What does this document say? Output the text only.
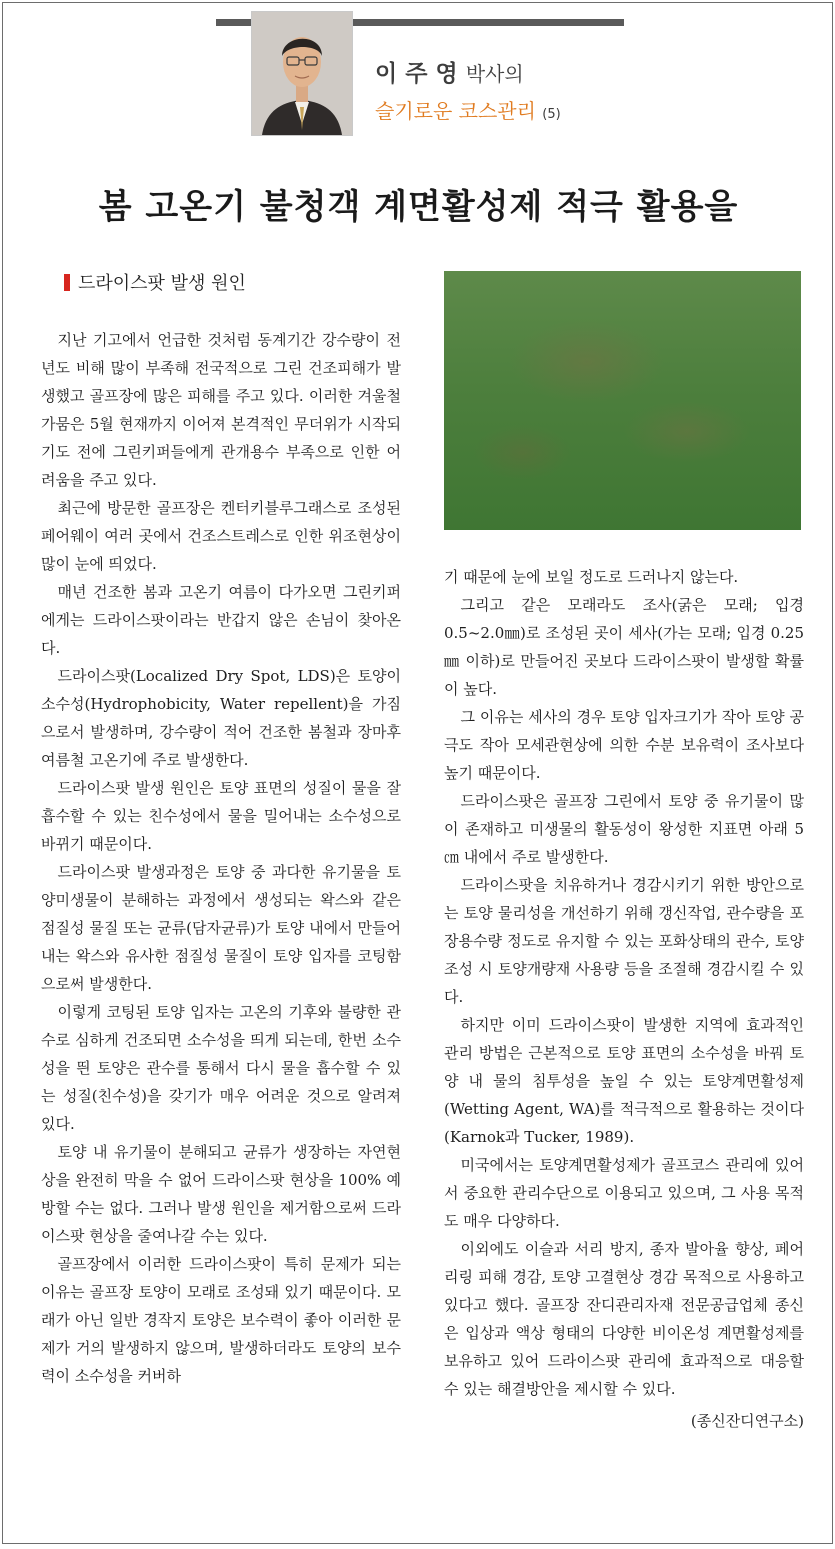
이 주 영 박사의
슬기로운 코스관리 (5)
봄 고온기 불청객 계면활성제 적극 활용을
드라이스팟 발생 원인

지난 기고에서 언급한 것처럼 동계기간 강수량이 전년도 비해 많이 부족해 전국적으로 그린 건조피해가 발생했고 골프장에 많은 피해를 주고 있다. 이러한 겨울철 가뭄은 5월 현재까지 이어져 본격적인 무더위가 시작되기도 전에 그린키퍼들에게 관개용수 부족으로 인한 어려움을 주고 있다.

최근에 방문한 골프장은 켄터키블루그래스로 조성된 페어웨이 여러 곳에서 건조스트레스로 인한 위조현상이 많이 눈에 띄었다.

매년 건조한 봄과 고온기 여름이 다가오면 그린키퍼에게는 드라이스팟이라는 반갑지 않은 손님이 찾아온다.

드라이스팟(Localized Dry Spot, LDS)은 토양이 소수성(Hydrophobicity, Water repellent)을 가짐으로서 발생하며, 강수량이 적어 건조한 봄철과 장마후 여름철 고온기에 주로 발생한다.

드라이스팟 발생 원인은 토양 표면의 성질이 물을 잘 흡수할 수 있는 친수성에서 물을 밀어내는 소수성으로 바뀌기 때문이다.

드라이스팟 발생과정은 토양 중 과다한 유기물을 토양미생물이 분해하는 과정에서 생성되는 왁스와 같은 점질성 물질 또는 균류(담자균류)가 토양 내에서 만들어내는 왁스와 유사한 점질성 물질이 토양 입자를 코팅함으로써 발생한다.

이렇게 코팅된 토양 입자는 고온의 기후와 불량한 관수로 심하게 건조되면 소수성을 띄게 되는데, 한번 소수성을 띈 토양은 관수를 통해서 다시 물을 흡수할 수 있는 성질(친수성)을 갖기가 매우 어려운 것으로 알려져 있다.

토양 내 유기물이 분해되고 균류가 생장하는 자연현상을 완전히 막을 수 없어 드라이스팟 현상을 100% 예방할 수는 없다. 그러나 발생 원인을 제거함으로써 드라이스팟 현상을 줄여나갈 수는 있다.

골프장에서 이러한 드라이스팟이 특히 문제가 되는 이유는 골프장 토양이 모래로 조성돼 있기 때문이다. 모래가 아닌 일반 경작지 토양은 보수력이 좋아 이러한 문제가 거의 발생하지 않으며, 발생하더라도 토양의 보수력이 소수성을 커버하

기 때문에 눈에 보일 정도로 드러나지 않는다.

그리고 같은 모래라도 조사(굵은 모래; 입경 0.5~2.0㎜)로 조성된 곳이 세사(가는 모래; 입경 0.25㎜ 이하)로 만들어진 곳보다 드라이스팟이 발생할 확률이 높다.

그 이유는 세사의 경우 토양 입자크기가 작아 토양 공극도 작아 모세관현상에 의한 수분 보유력이 조사보다 높기 때문이다.

드라이스팟은 골프장 그린에서 토양 중 유기물이 많이 존재하고 미생물의 활동성이 왕성한 지표면 아래 5㎝ 내에서 주로 발생한다.

드라이스팟을 치유하거나 경감시키기 위한 방안으로는 토양 물리성을 개선하기 위해 갱신작업, 관수량을 포장용수량 정도로 유지할 수 있는 포화상태의 관수, 토양 조성 시 토양개량재 사용량 등을 조절해 경감시킬 수 있다.

하지만 이미 드라이스팟이 발생한 지역에 효과적인 관리 방법은 근본적으로 토양 표면의 소수성을 바꿔 토양 내 물의 침투성을 높일 수 있는 토양계면활성제(Wetting Agent, WA)를 적극적으로 활용하는 것이다(Karnok과 Tucker, 1989).

미국에서는 토양계면활성제가 골프코스 관리에 있어서 중요한 관리수단으로 이용되고 있으며, 그 사용 목적도 매우 다양하다.

이외에도 이슬과 서리 방지, 종자 발아율 향상, 페어리링 피해 경감, 토양 고결현상 경감 목적으로 사용하고 있다고 했다. 골프장 잔디관리자재 전문공급업체 종신은 입상과 액상 형태의 다양한 비이온성 계면활성제를 보유하고 있어 드라이스팟 관리에 효과적으로 대응할 수 있는 해결방안을 제시할 수 있다.

(종신잔디연구소)
